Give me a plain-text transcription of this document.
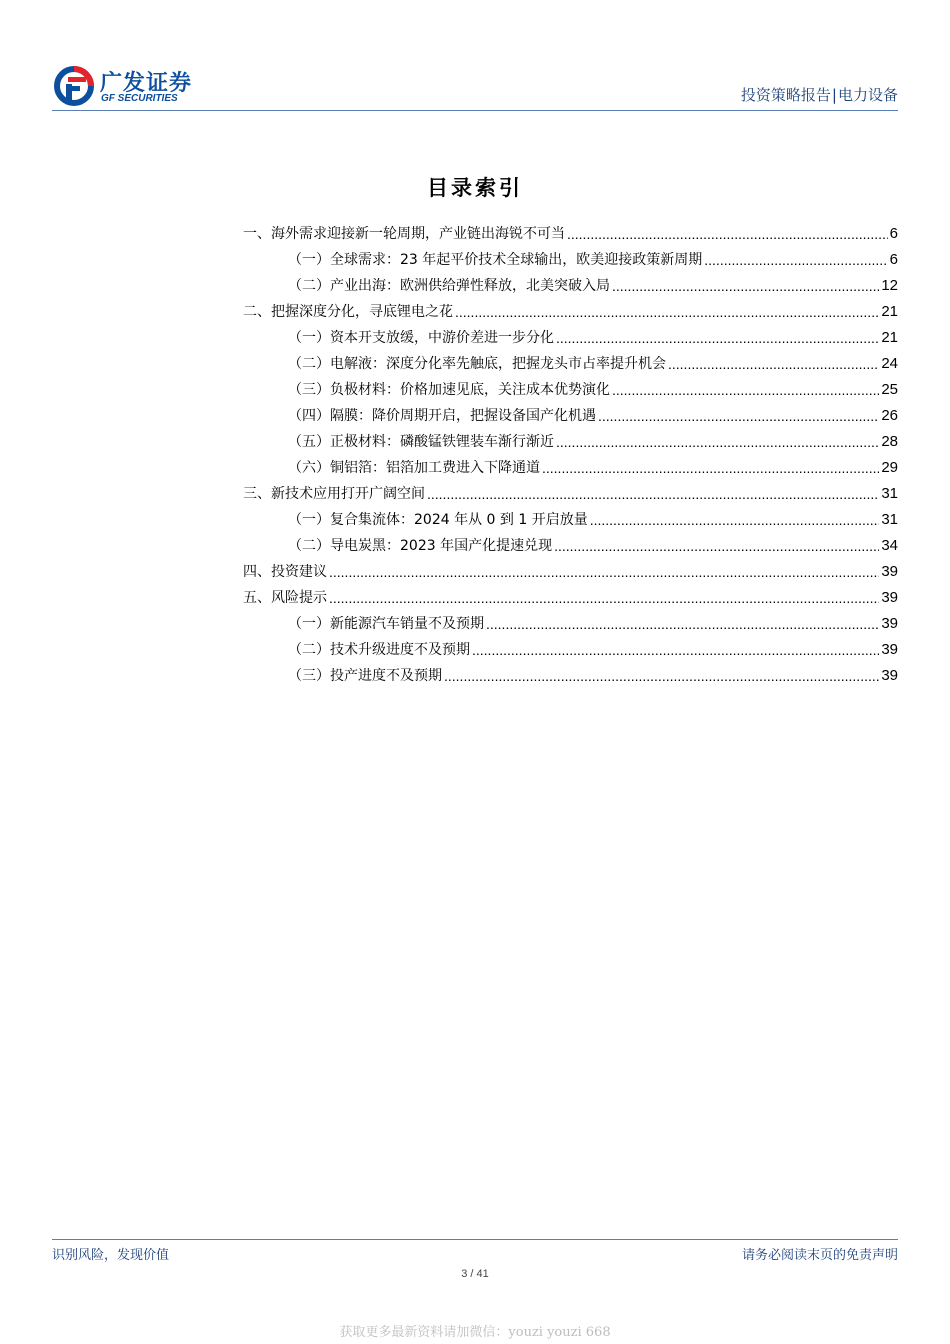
广发证券
GF SECURITIES	投资策略报告|电力设备
目录索引
一、海外需求迎接新一轮周期，产业链出海锐不可当 .....	6
（一）全球需求：23 年起平价技术全球输出，欧美迎接政策新周期 .....	6
（二）产业出海：欧洲供给弹性释放，北美突破入局 .....	12
二、把握深度分化，寻底锂电之花 .....	21
（一）资本开支放缓，中游价差进一步分化 .....	21
（二）电解液：深度分化率先触底，把握龙头市占率提升机会 .....	24
（三）负极材料：价格加速见底，关注成本优势演化 .....	25
（四）隔膜：降价周期开启，把握设备国产化机遇 .....	26
（五）正极材料：磷酸锰铁锂装车渐行渐近 .....	28
（六）铜铝箔：铝箔加工费进入下降通道 .....	29
三、新技术应用打开广阔空间 .....	31
（一）复合集流体：2024 年从 0 到 1 开启放量 .....	31
（二）导电炭黑：2023 年国产化提速兑现 .....	34
四、投资建议 .....	39
五、风险提示 .....	39
（一）新能源汽车销量不及预期 .....	39
（二）技术升级进度不及预期 .....	39
（三）投产进度不及预期 .....	39
识别风险，发现价值	请务必阅读末页的免责声明
3 / 41
获取更多最新资料请加微信：youzi youzi 668
